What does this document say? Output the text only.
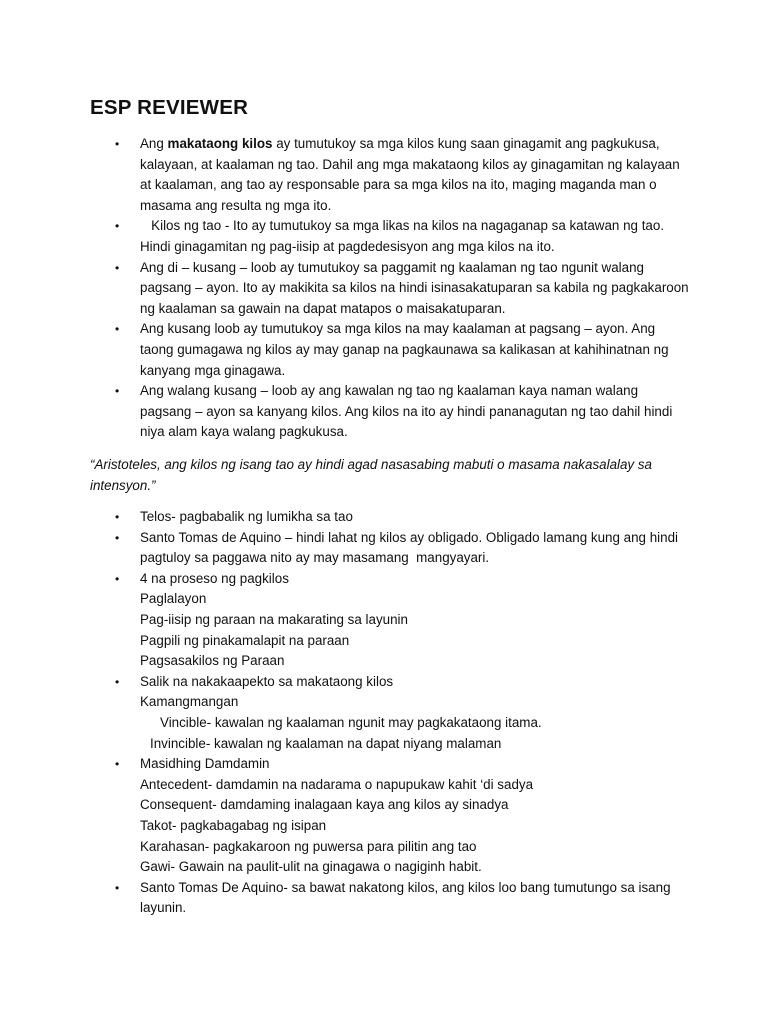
ESP REVIEWER
• Ang makataong kilos ay tumutukoy sa mga kilos kung saan ginagamit ang pagkukusa, kalayaan, at kaalaman ng tao. Dahil ang mga makataong kilos ay ginagamitan ng kalayaan at kaalaman, ang tao ay responsable para sa mga kilos na ito, maging maganda man o masama ang resulta ng mga ito.
• Kilos ng tao - Ito ay tumutukoy sa mga likas na kilos na nagaganap sa katawan ng tao. Hindi ginagamitan ng pag-iisip at pagdedesisyon ang mga kilos na ito.
• Ang di – kusang – loob ay tumutukoy sa paggamit ng kaalaman ng tao ngunit walang pagsang – ayon. Ito ay makikita sa kilos na hindi isinasakatuparan sa kabila ng pagkakaroon ng kaalaman sa gawain na dapat matapos o maisakatuparan.
• Ang kusang loob ay tumutukoy sa mga kilos na may kaalaman at pagsang – ayon. Ang taong gumagawa ng kilos ay may ganap na pagkaunawa sa kalikasan at kahihinatnan ng kanyang mga ginagawa.
• Ang walang kusang – loob ay ang kawalan ng tao ng kaalaman kaya naman walang pagsang – ayon sa kanyang kilos. Ang kilos na ito ay hindi pananagutan ng tao dahil hindi niya alam kaya walang pagkukusa.

“Aristoteles, ang kilos ng isang tao ay hindi agad nasasabing mabuti o masama nakasalalay sa intensyon.”

• Telos- pagbabalik ng lumikha sa tao
• Santo Tomas de Aquino – hindi lahat ng kilos ay obligado. Obligado lamang kung ang hindi pagtuloy sa paggawa nito ay may masamang  mangyayari.
• 4 na proseso ng pagkilos
Paglalayon
Pag-iisip ng paraan na makarating sa layunin
Pagpili ng pinakamalapit na paraan
Pagsasakilos ng Paraan
• Salik na nakakaapekto sa makataong kilos
Kamangmangan
Vincible- kawalan ng kaalaman ngunit may pagkakataong itama.
Invincible- kawalan ng kaalaman na dapat niyang malaman
• Masidhing Damdamin
Antecedent- damdamin na nadarama o napupukaw kahit ‘di sadya
Consequent- damdaming inalagaan kaya ang kilos ay sinadya
Takot- pagkabagabag ng isipan
Karahasan- pagkakaroon ng puwersa para pilitin ang tao
Gawi- Gawain na paulit-ulit na ginagawa o nagiginh habit.
• Santo Tomas De Aquino- sa bawat nakatong kilos, ang kilos loo bang tumutungo sa isang layunin.
